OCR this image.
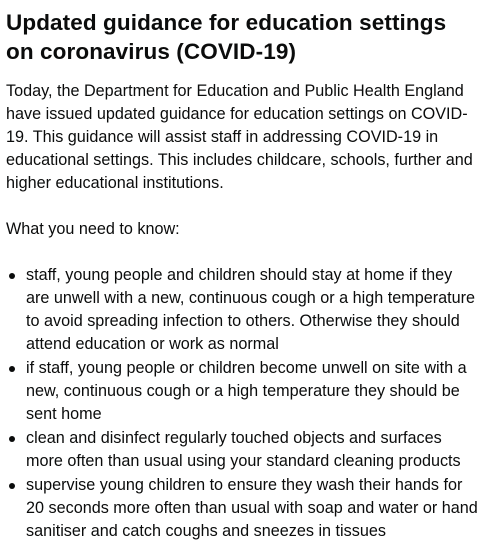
Updated guidance for education settings on coronavirus (COVID-19)

Today, the Department for Education and Public Health England have issued updated guidance for education settings on COVID-19. This guidance will assist staff in addressing COVID-19 in educational settings. This includes childcare, schools, further and higher educational institutions.

What you need to know:

staff, young people and children should stay at home if they are unwell with a new, continuous cough or a high temperature to avoid spreading infection to others. Otherwise they should attend education or work as normal
if staff, young people or children become unwell on site with a new, continuous cough or a high temperature they should be sent home
clean and disinfect regularly touched objects and surfaces more often than usual using your standard cleaning products
supervise young children to ensure they wash their hands for 20 seconds more often than usual with soap and water or hand sanitiser and catch coughs and sneezes in tissues
